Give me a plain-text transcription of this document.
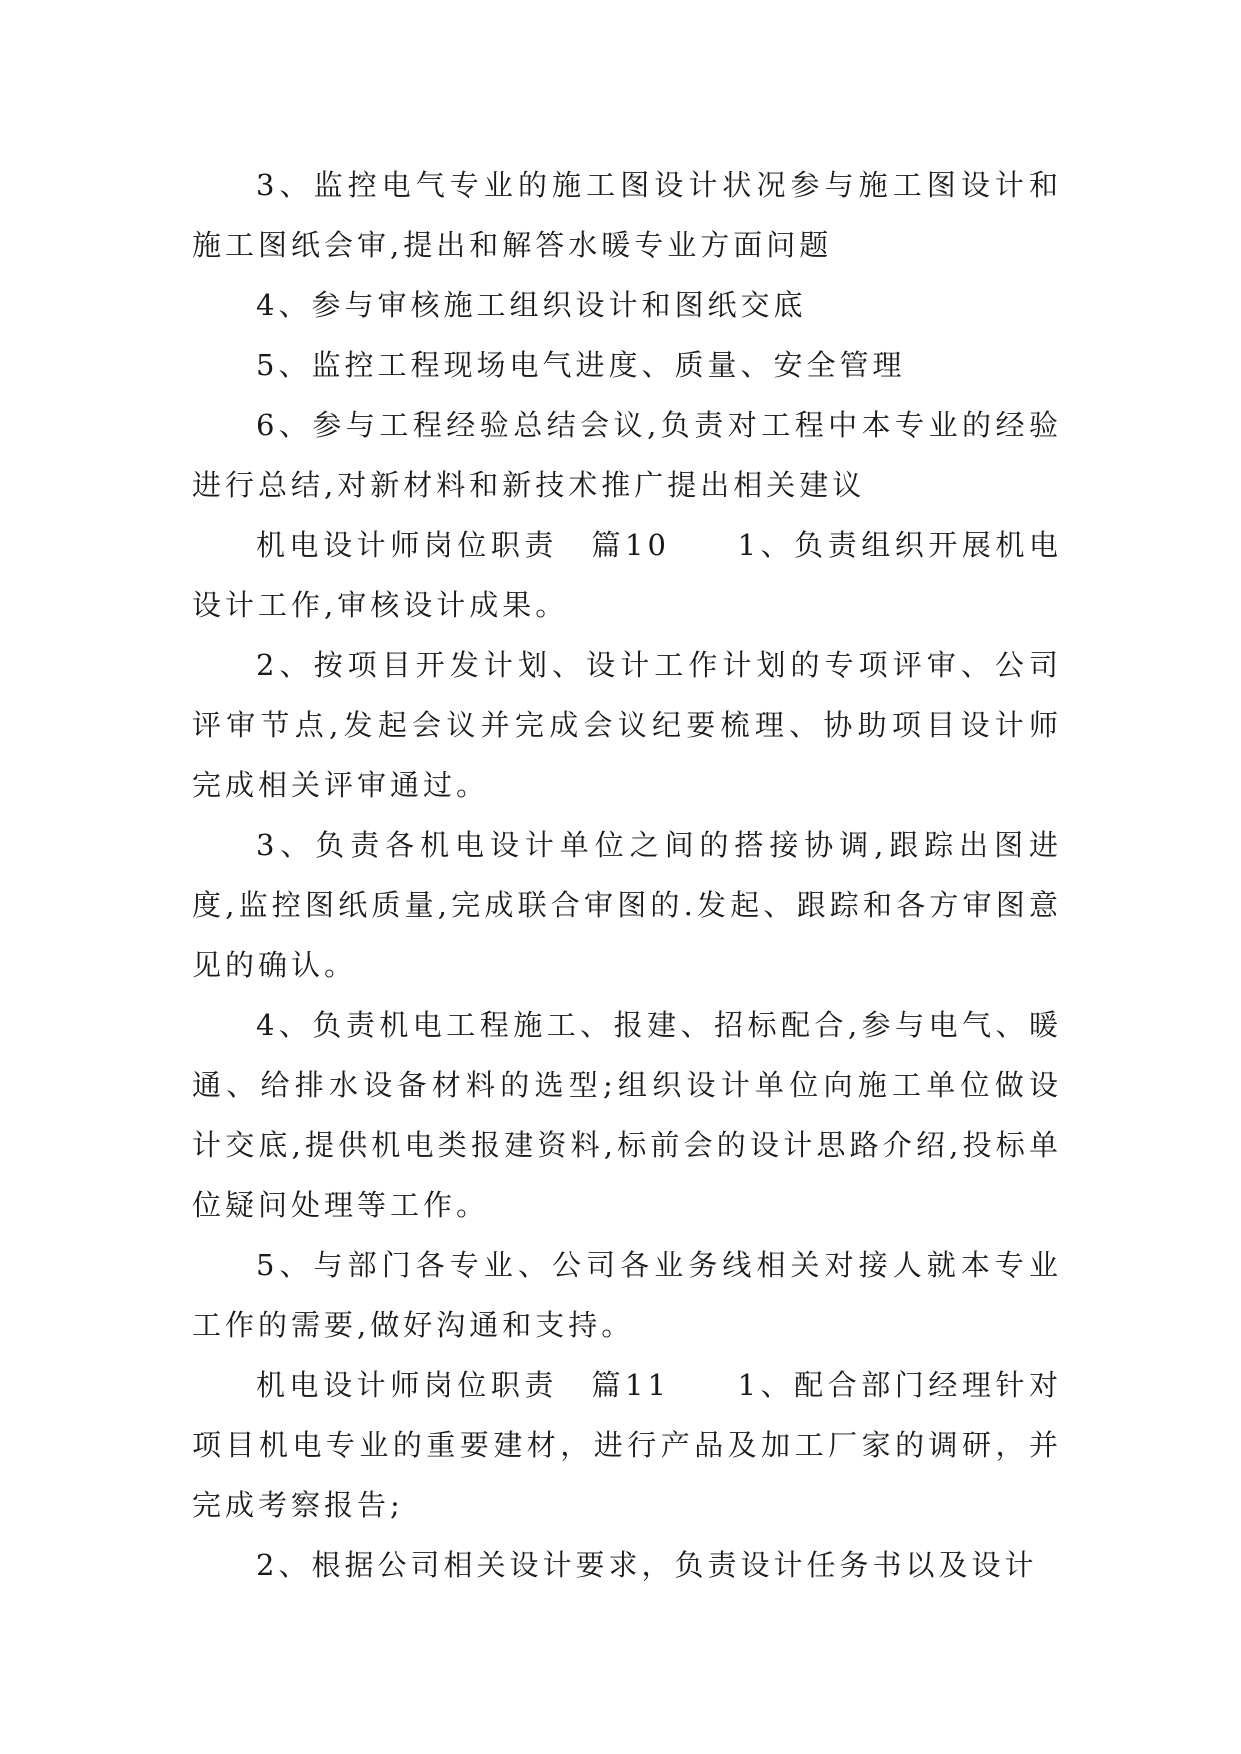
3、监控电气专业的施工图设计状况参与施工图设计和施工图纸会审,提出和解答水暖专业方面问题

4、参与审核施工组织设计和图纸交底

5、监控工程现场电气进度、质量、安全管理

6、参与工程经验总结会议,负责对工程中本专业的经验进行总结,对新材料和新技术推广提出相关建议

机电设计师岗位职责　篇10　　1、负责组织开展机电设计工作,审核设计成果。

2、按项目开发计划、设计工作计划的专项评审、公司评审节点,发起会议并完成会议纪要梳理、协助项目设计师完成相关评审通过。

3、负责各机电设计单位之间的搭接协调,跟踪出图进度,监控图纸质量,完成联合审图的.发起、跟踪和各方审图意见的确认。

4、负责机电工程施工、报建、招标配合,参与电气、暖通、给排水设备材料的选型;组织设计单位向施工单位做设计交底,提供机电类报建资料,标前会的设计思路介绍,投标单位疑问处理等工作。

5、与部门各专业、公司各业务线相关对接人就本专业工作的需要,做好沟通和支持。

机电设计师岗位职责　篇11　　1、配合部门经理针对项目机电专业的重要建材，进行产品及加工厂家的调研，并完成考察报告;

2、根据公司相关设计要求，负责设计任务书以及设计
